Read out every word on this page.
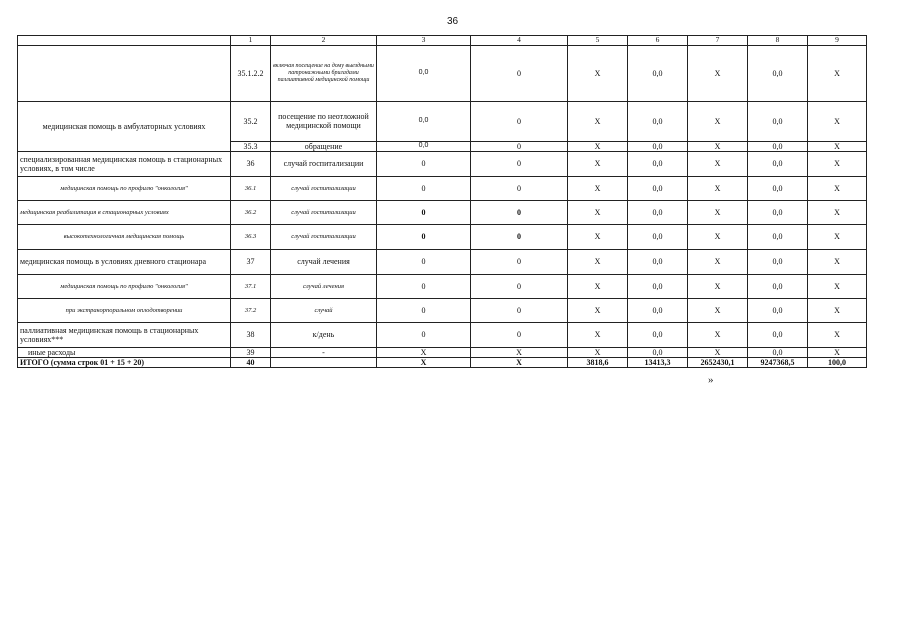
36
	1	2	3	4	5	6	7	8	9
	35.1.2.2	включая посещение на дому выездными патронажными бригадами паллиативной медицинской помощи	0,0	0	X	0,0	X	0,0	X
медицинская помощь в амбулаторных условиях	35.2	посещение по неотложной медицинской помощи	0,0	0	X	0,0	X	0,0	X
	35.3	обращение	0,0	0	X	0,0	X	0,0	X
специализированная медицинская помощь в стационарных условиях, в том числе	36	случай госпитализации	0	0	X	0,0	X	0,0	X
медицинская помощь по профилю "онкология"	36.1	случай госпитализации	0	0	X	0,0	X	0,0	X
медицинская реабилитация в стационарных условиях	36.2	случай госпитализации	0	0	X	0,0	X	0,0	X
высокотехнологичная медицинская помощь	36.3	случай госпитализации	0	0	X	0,0	X	0,0	X
медицинская помощь в условиях дневного стационара	37	случай лечения	0	0	X	0,0	X	0,0	X
медицинская помощь по профилю "онкология"	37.1	случай лечения	0	0	X	0,0	X	0,0	X
при экстракорпоральном оплодотворении	37.2	случай	0	0	X	0,0	X	0,0	X
паллиативная медицинская помощь в стационарных условиях***	38	к/день	0	0	X	0,0	X	0,0	X
иные расходы	39	-	X	X	X	0,0	X	0,0	X
ИТОГО (сумма строк 01 + 15 + 20)	40		X	X	3818,6	13413,3	2652430,1	9247368,5	100,0
»
